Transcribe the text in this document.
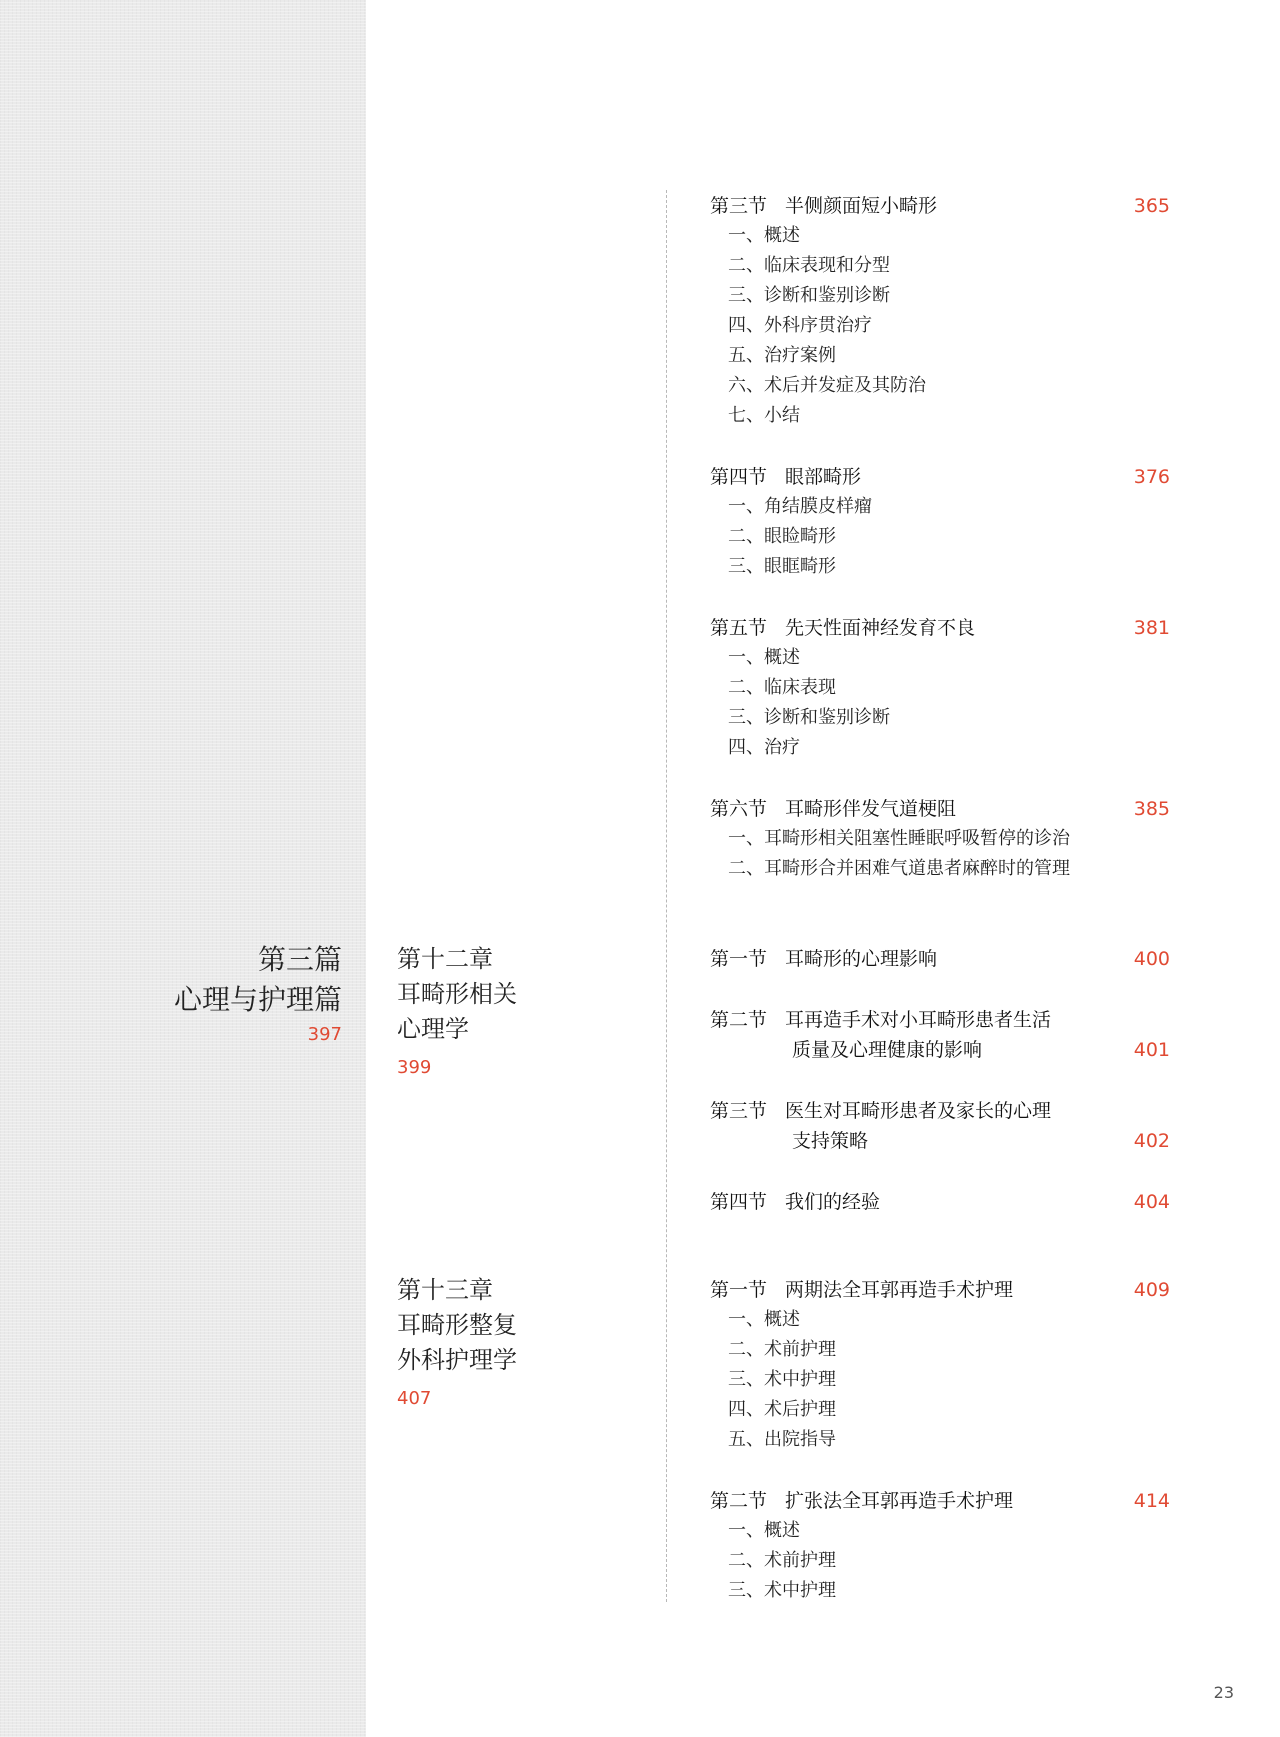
第三篇
心理与护理篇
397
第十二章
耳畸形相关
心理学
399
第十三章
耳畸形整复
外科护理学
407
第三节 半侧颜面短小畸形	365
一、概述
二、临床表现和分型
三、诊断和鉴别诊断
四、外科序贯治疗
五、治疗案例
六、术后并发症及其防治
七、小结
第四节 眼部畸形	376
一、角结膜皮样瘤
二、眼睑畸形
三、眼眶畸形
第五节 先天性面神经发育不良	381
一、概述
二、临床表现
三、诊断和鉴别诊断
四、治疗
第六节 耳畸形伴发气道梗阻	385
一、耳畸形相关阻塞性睡眠呼吸暂停的诊治
二、耳畸形合并困难气道患者麻醉时的管理
第一节 耳畸形的心理影响	400
第二节 耳再造手术对小耳畸形患者生活
质量及心理健康的影响	401
第三节 医生对耳畸形患者及家长的心理
支持策略	402
第四节 我们的经验	404
第一节 两期法全耳郭再造手术护理	409
一、概述
二、术前护理
三、术中护理
四、术后护理
五、出院指导
第二节 扩张法全耳郭再造手术护理	414
一、概述
二、术前护理
三、术中护理
23
